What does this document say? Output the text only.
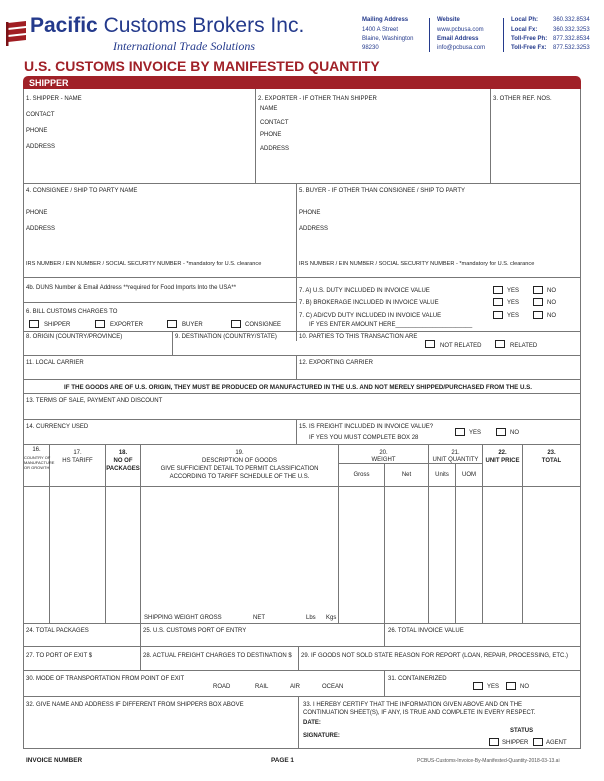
Pacific Customs Brokers Inc.
International Trade Solutions
Mailing Address
1400 A Street
Blaine, Washington
98230
Website
www.pcbusa.com
Email Address
info@pcbusa.com
Local Ph: 360.332.8534
Local Fx:	360.332.3253
Toll-Free Ph: 877.332.8534
Toll-Free Fx: 877.532.3253
U.S. CUSTOMS INVOICE BY MANIFESTED QUANTITY
SHIPPER
1. SHIPPER - NAME
CONTACT
PHONE
ADDRESS
2. EXPORTER - IF OTHER THAN SHIPPER
NAME
CONTACT
PHONE
ADDRESS
3. OTHER REF. NOS.
4. CONSIGNEE / SHIP TO PARTY NAME
PHONE
ADDRESS
IRS NUMBER / EIN NUMBER / SOCIAL SECURITY NUMBER - *mandatory for U.S. clearance
5. BUYER - IF OTHER THAN CONSIGNEE / SHIP TO PARTY
PHONE
ADDRESS
IRS NUMBER / EIN NUMBER / SOCIAL SECURITY NUMBER - *mandatory for U.S. clearance
4b. DUNS Number & Email Address **required for Food Imports Into the USA**
6. BILL CUSTOMS CHARGES TO
SHIPPER	EXPORTER	BUYER	CONSIGNEE
7. A) U.S. DUTY INCLUDED IN INVOICE VALUE	YES	NO
7. B) BROKERAGE INCLUDED IN INVOICE VALUE	YES	NO
7. C) AD/CVD DUTY INCLUDED IN INVOICE VALUE
IF YES ENTER AMOUNT HERE_______________________
YES	NO
8. ORIGIN (COUNTRY/PROVINCE)	9. DESTINATION (COUNTRY/STATE)	10. PARTIES TO THIS TRANSACTION ARE
NOT RELATED	RELATED
11. LOCAL CARRIER	12. EXPORTING CARRIER
IF THE GOODS ARE OF U.S. ORIGIN, THEY MUST BE PRODUCED OR MANUFACTURED IN THE U.S. AND NOT MERELY SHIPPED/PURCHASED FROM THE U.S.
13. TERMS OF SALE, PAYMENT AND DISCOUNT
14. CURRENCY USED	15. IS FREIGHT INCLUDED IN INVOICE VALUE?
IF YES YOU MUST COMPLETE BOX 28
YES	NO
16.
COUNTRY OF
MANUFACTURE
OR GROWTH
17.
HS TARIFF
18.
NO OF
PACKAGES
19.
DESCRIPTION OF GOODS
GIVE SUFFICIENT DETAIL TO PERMIT CLASSIFICATION
ACCORDING TO TARIFF SCHEDULE OF THE U.S.
20.
WEIGHT
Gross	Net
21.
UNIT QUANTITY
Units	UOM
22.
UNIT PRICE
23.
TOTAL
SHIPPING WEIGHT GROSS	NET	Lbs Kgs
24. TOTAL PACKAGES	25. U.S. CUSTOMS PORT OF ENTRY	26. TOTAL INVOICE VALUE
27. TO PORT OF EXIT $	28. ACTUAL FREIGHT CHARGES TO DESTINATION $ 29. IF GOODS NOT SOLD STATE REASON FOR REPORT (LOAN, REPAIR, PROCESSING, ETC.)
30. MODE OF TRANSPORTATION FROM POINT OF EXIT
ROAD	RAIL	AIR	OCEAN
31. CONTAINERIZED
YES	NO
32. GIVE NAME AND ADDRESS IF DIFFERENT FROM SHIPPERS BOX ABOVE	33. I HEREBY CERTIFY THAT THE INFORMATION GIVEN ABOVE AND ON THE
CONTINUATION SHEET(S), IF ANY, IS TRUE AND COMPLETE IN EVERY RESPECT.
DATE:
SIGNATURE:
STATUS
SHIPPER	AGENT
INVOICE NUMBER	PAGE 1	PCBUS-Customs-Invoice-By-Manifested-Quantity-2018-03-13.ai
